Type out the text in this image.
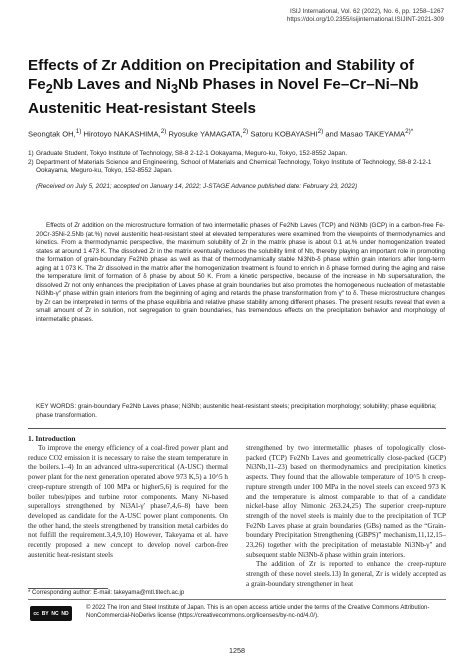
ISIJ International, Vol. 62 (2022), No. 6, pp. 1258–1267
https://doi.org/10.2355/isijinternational.ISIJINT-2021-309
Effects of Zr Addition on Precipitation and Stability of $Fe_2Nb$ Laves and $Ni_3Nb$ Phases in Novel Fe–Cr–Ni–Nb Austenitic Heat-resistant Steels
Seongtak OH,$^{1)}$ Hirotoyo NAKASHIMA,$^{2)}$ Ryosuke YAMAGATA,$^{2)}$ Satoru KOBAYASHI$^{2)}$ and Masao $TAKEYAMA^{2)*}$
1) Graduate Student, Tokyo Institute of Technology, S8-8 2-12-1 Ookayama, Meguro-ku, Tokyo, 152-8552 Japan.
2) Department of Materials Science and Engineering, School of Materials and Chemical Technology, Tokyo Institute of Technology, S8-8 2-12-1 Ookayama, Meguro-ku, Tokyo, 152-8552 Japan.
(Received on July 5, 2021; accepted on January 14, 2022; J-STAGE Advance published date: February 23, 2022)

Effects of Zr addition on the microstructure formation of two intermetallic phases of Fe2Nb Laves (TCP) and Ni3Nb (GCP) in a carbon-free Fe-20Cr-35Ni-2.5Nb (at.%) novel austenitic heat-resistant steel at elevated temperatures were examined from the viewpoints of thermodynamics and kinetics. From a thermodynamic perspective, the maximum solubility of Zr in the matrix phase is about 0.1 at.% under homogenization treated states at around 1 473 K. The dissolved Zr in the matrix eventually reduces the solubility limit of Nb, thereby playing an important role in promoting the formation of grain-boundary Fe2Nb phase as well as that of thermodynamically stable Ni3Nb-δ phase within grain interiors after long-term aging at 1 073 K. The Zr dissolved in the matrix after the homogenization treatment is found to enrich in δ phase formed during the aging and raise the temperature limit of formation of δ phase by about 50 K. From a kinetic perspective, because of the increase in Nb supersaturation, the dissolved Zr not only enhances the precipitation of Laves phase at grain boundaries but also promotes the homogeneous nucleation of metastable Ni3Nb-γ″ phase within grain interiors from the beginning of aging and retards the phase transformation from γ″ to δ. These microstructure changes by Zr can be interpreted in terms of the phase equilibria and relative phase stability among different phases. The present results reveal that even a small amount of Zr in solution, not segregation to grain boundaries, has tremendous effects on the precipitation behavior and morphology of intermetallic phases.

KEY WORDS: grain-boundary Fe2Nb Laves phase; Ni3Nb; austenitic heat-resistant steels; precipitation morphology; solubility; phase equilibria; phase transformation.
1. Introduction

To improve the energy efficiency of a coal-fired power plant and reduce CO2 emission it is necessary to raise the steam temperature in the boilers.1–4) In an advanced ultra-supercritical (A-USC) thermal power plant for the next generation operated above 973 K,5) a 10^5 h creep-rupture strength of 100 MPa or higher5,6) is required for the boiler tubes/pipes and turbine rotor components. Many Ni-based superalloys strengthened by Ni3Al-γ′ phase7,4,6–8) have been developed as candidate for the A-USC power plant components. On the other hand, the steels strengthened by transition metal carbides do not fulfill the requirement.3,4,9,10) However, Takeyama et al. have recently proposed a new concept to develop novel carbon-free austenitic heat-resistant steels

strengthened by two intermetallic phases of topologically close-packed (TCP) Fe2Nb Laves and geometrically close-packed (GCP) Ni3Nb,11–23) based on thermodynamics and precipitation kinetics aspects. They found that the allowable temperature of 10^5 h creep-rupture strength under 100 MPa in the novel steels can exceed 973 K and the temperature is almost comparable to that of a candidate nickel-base alloy Nimonic 263.24,25) The superior creep-rupture strength of the novel steels is mainly due to the precipitation of TCP Fe2Nb Laves phase at grain boundaries (GBs) named as the “Grain-boundary Precipitation Strengthening (GBPS)” mechanism,11,12,15–23,26) together with the precipitation of metastable Ni3Nb-γ″ and subsequent stable Ni3Nb-δ phase within grain interiors.

The addition of Zr is reported to enhance the creep-rupture strength of these novel steels.13) In general, Zr is widely accepted as a grain-boundary strengthener in heat

* Corresponding author: E-mail: takeyama@mtl.titech.ac.jp
cc BY NC ND
© 2022 The Iron and Steel Institute of Japan. This is an open access article under the terms of the Creative Commons Attribution-NonCommercial-NoDerivs license (https://creativecommons.org/licenses/by-nc-nd/4.0/).
1258
